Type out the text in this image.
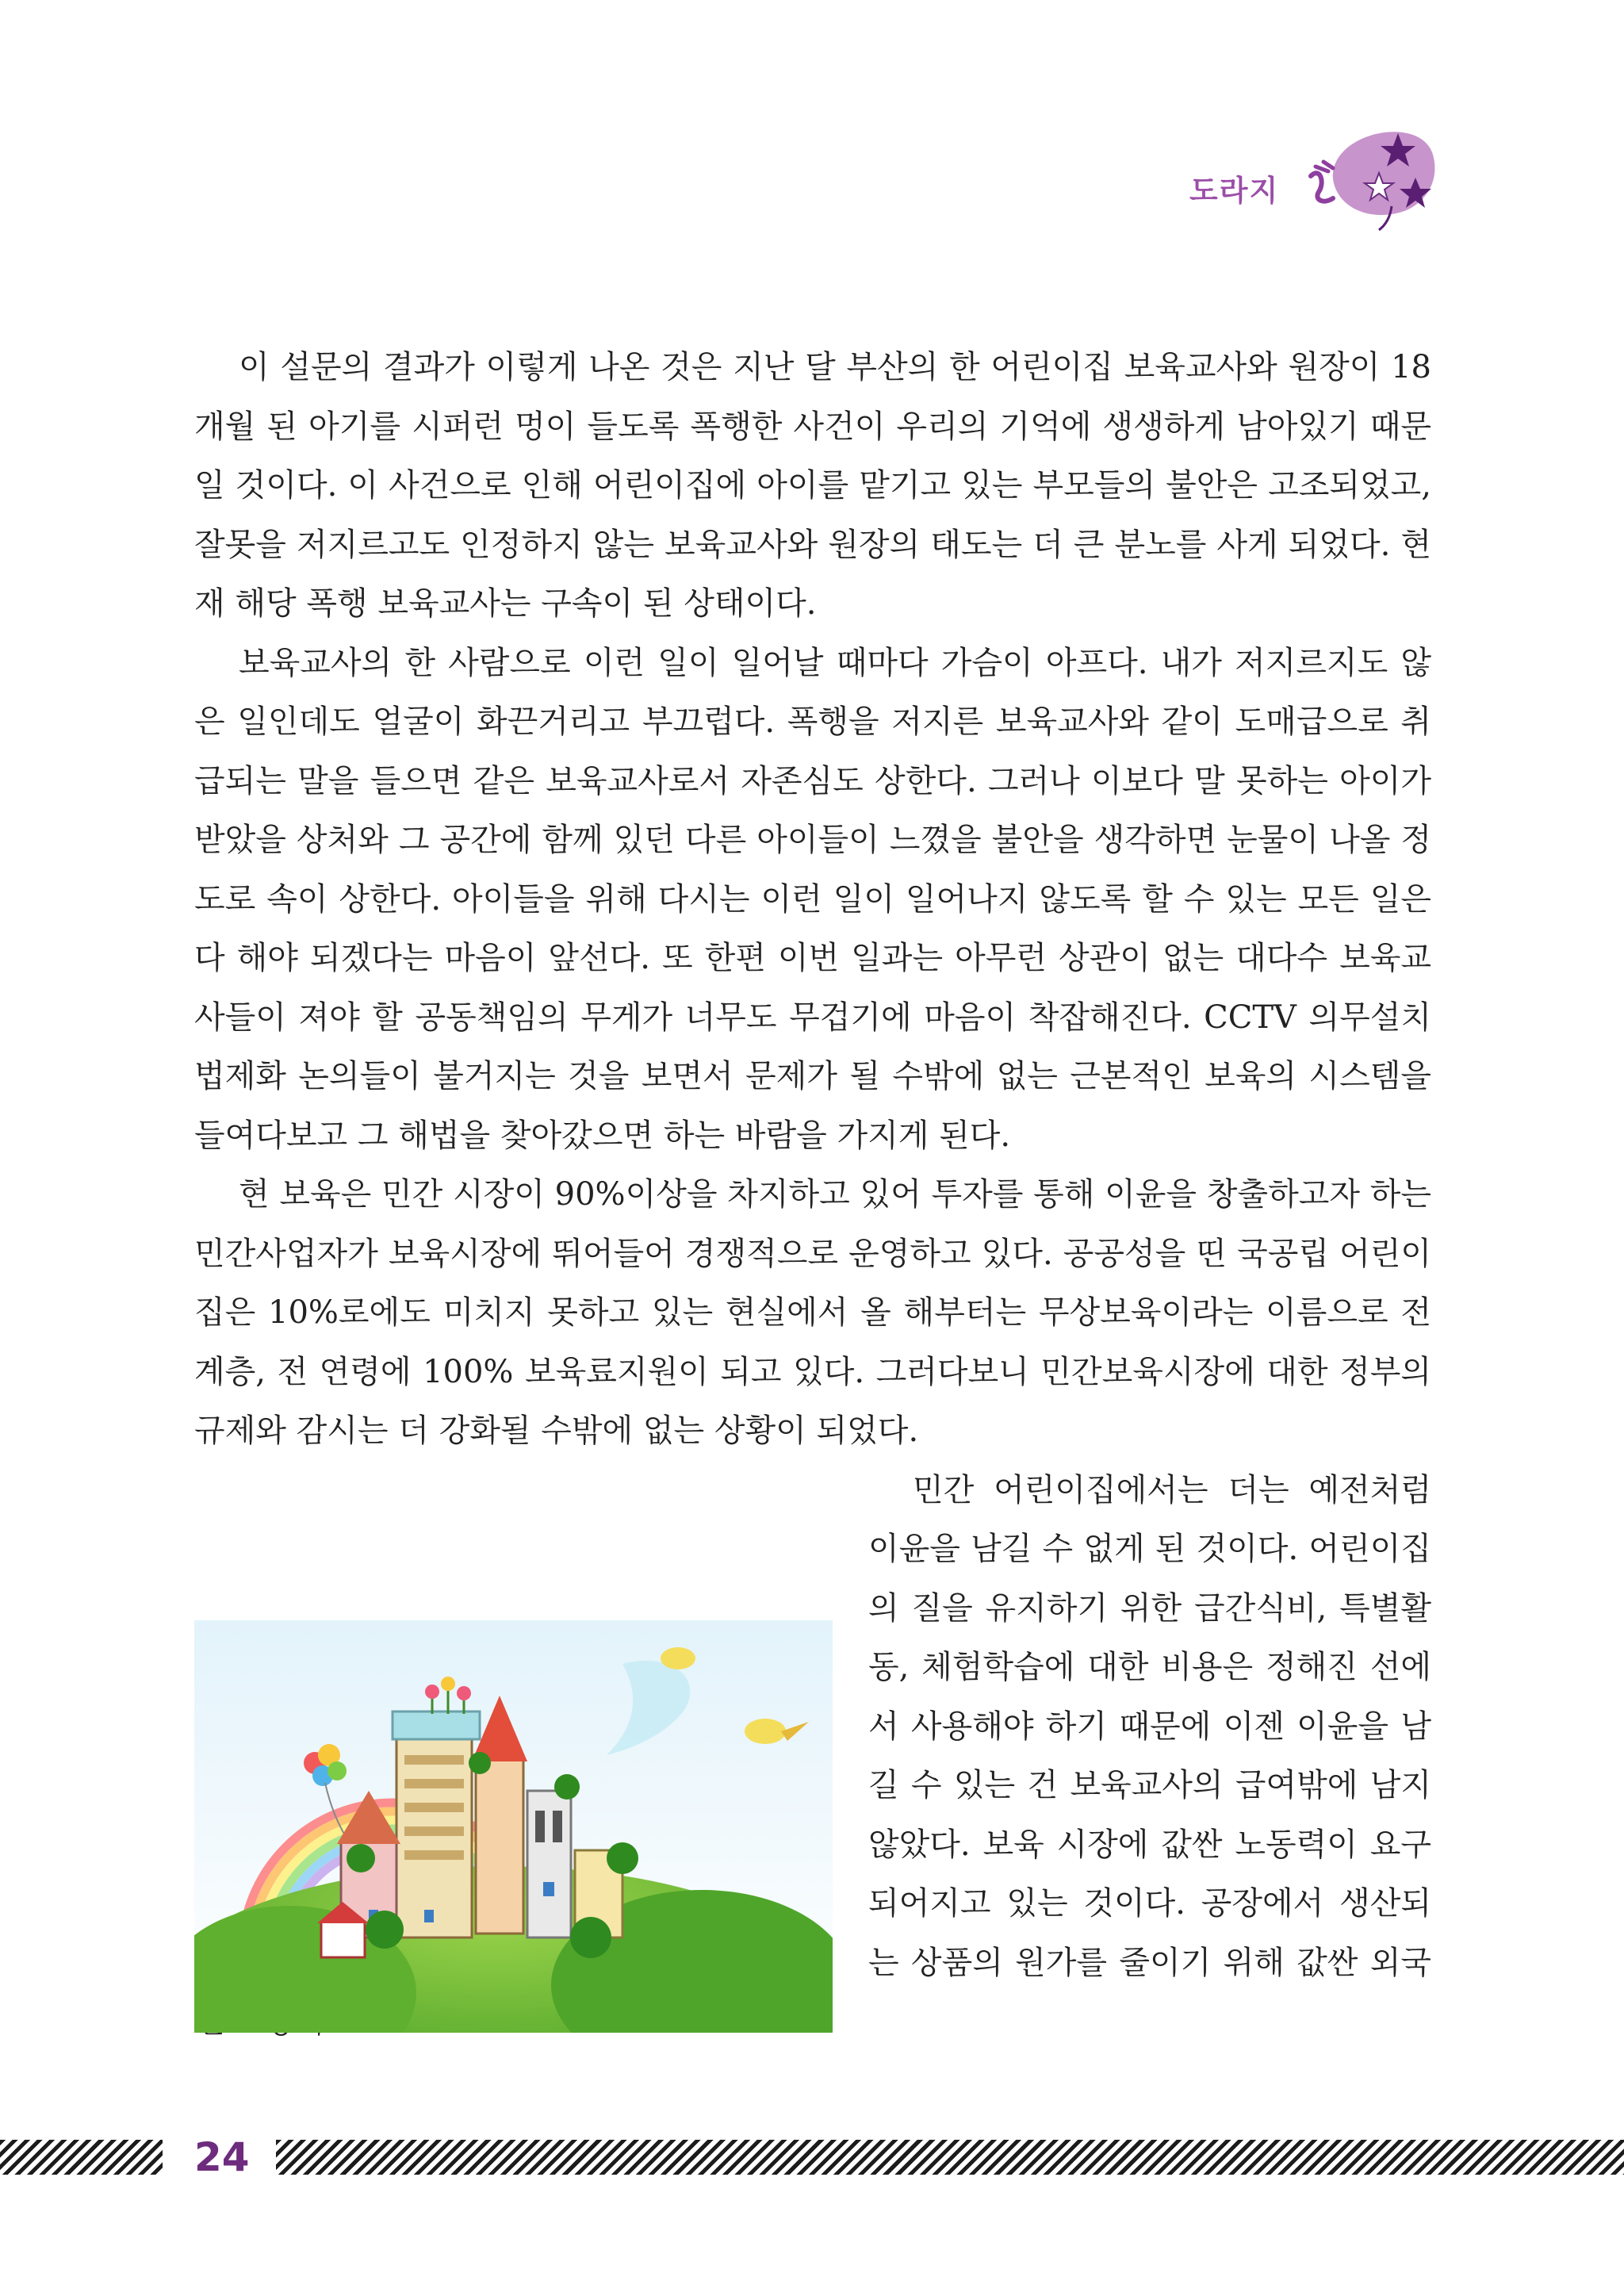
도라지

이 설문의 결과가 이렇게 나온 것은 지난 달 부산의 한 어린이집 보육교사와 원장이 18개월 된 아기를 시퍼런 멍이 들도록 폭행한 사건이 우리의 기억에 생생하게 남아있기 때문일 것이다. 이 사건으로 인해 어린이집에 아이를 맡기고 있는 부모들의 불안은 고조되었고, 잘못을 저지르고도 인정하지 않는 보육교사와 원장의 태도는 더 큰 분노를 사게 되었다. 현재 해당 폭행 보육교사는 구속이 된 상태이다.

보육교사의 한 사람으로 이런 일이 일어날 때마다 가슴이 아프다. 내가 저지르지도 않은 일인데도 얼굴이 화끈거리고 부끄럽다. 폭행을 저지른 보육교사와 같이 도매급으로 취급되는 말을 들으면 같은 보육교사로서 자존심도 상한다. 그러나 이보다 말 못하는 아이가 받았을 상처와 그 공간에 함께 있던 다른 아이들이 느꼈을 불안을 생각하면 눈물이 나올 정도로 속이 상한다. 아이들을 위해 다시는 이런 일이 일어나지 않도록 할 수 있는 모든 일은 다 해야 되겠다는 마음이 앞선다. 또 한편 이번 일과는 아무런 상관이 없는 대다수 보육교사들이 져야 할 공동책임의 무게가 너무도 무겁기에 마음이 착잡해진다. CCTV 의무설치 법제화 논의들이 불거지는 것을 보면서 문제가 될 수밖에 없는 근본적인 보육의 시스템을 들여다보고 그 해법을 찾아갔으면 하는 바람을 가지게 된다.

현 보육은 민간 시장이 90%이상을 차지하고 있어 투자를 통해 이윤을 창출하고자 하는 민간사업자가 보육시장에 뛰어들어 경쟁적으로 운영하고 있다. 공공성을 띤 국공립 어린이집은 10%로에도 미치지 못하고 있는 현실에서 올 해부터는 무상보육이라는 이름으로 전 계층, 전 연령에 100% 보육료지원이 되고 있다. 그러다보니 민간보육시장에 대한 정부의 규제와 감시는 더 강화될 수밖에 없는 상황이 되었다.

민간 어린이집에서는 더는 예전처럼 이윤을 남길 수 없게 된 것이다. 어린이집의 질을 유지하기 위한 급간식비, 특별활동, 체험학습에 대한 비용은 정해진 선에서 사용해야 하기 때문에 이젠 이윤을 남길 수 있는 건 보육교사의 급여밖에 남지 않았다. 보육 시장에 값싼 노동력이 요구되어지고 있는 것이다. 공장에서 생산되는 상품의 원가를 줄이기 위해 값싼 외국

24
